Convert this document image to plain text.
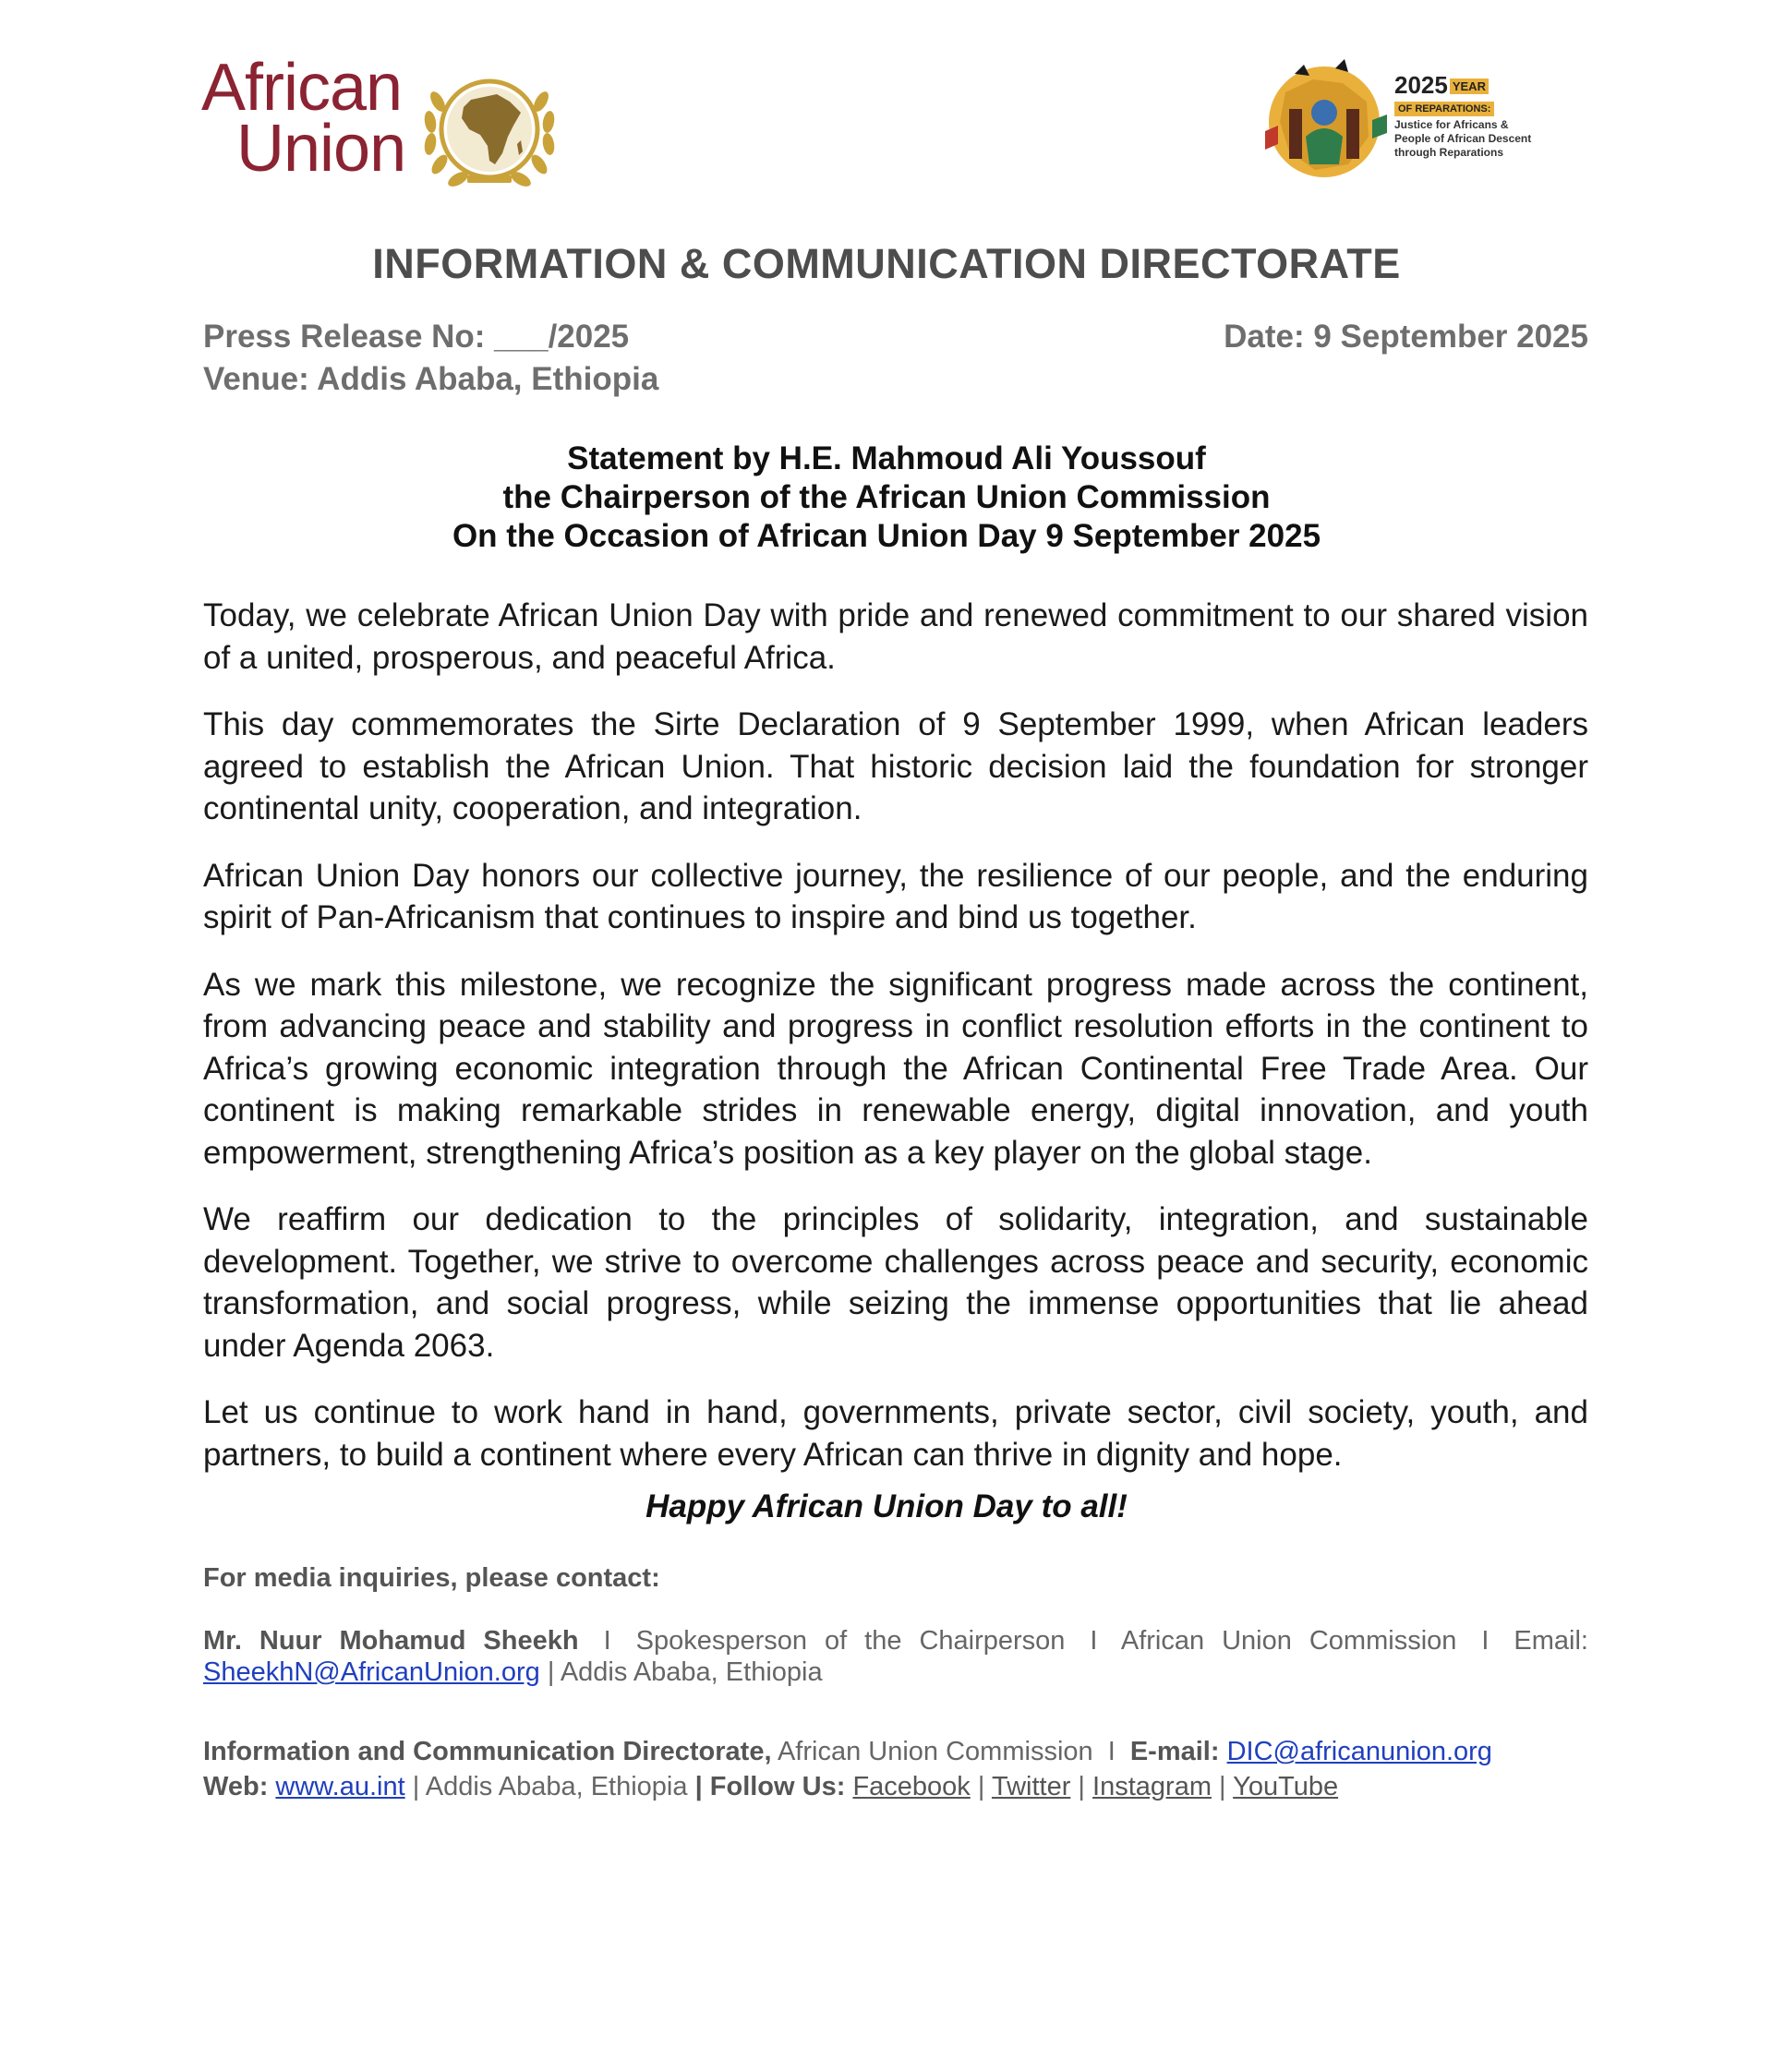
African
Union
2025 YEAR
OF REPARATIONS:
Justice for Africans &
People of African Descent
through Reparations
INFORMATION & COMMUNICATION DIRECTORATE
Press Release No: ___/2025	Date: 9 September 2025
Venue: Addis Ababa, Ethiopia
Statement by H.E. Mahmoud Ali Youssouf
the Chairperson of the African Union Commission
On the Occasion of African Union Day 9 September 2025

Today, we celebrate African Union Day with pride and renewed commitment to our shared vision of a united, prosperous, and peaceful Africa.

This day commemorates the Sirte Declaration of 9 September 1999, when African leaders agreed to establish the African Union. That historic decision laid the foundation for stronger continental unity, cooperation, and integration.

African Union Day honors our collective journey, the resilience of our people, and the enduring spirit of Pan-Africanism that continues to inspire and bind us together.

As we mark this milestone, we recognize the significant progress made across the continent, from advancing peace and stability and progress in conflict resolution efforts in the continent to Africa’s growing economic integration through the African Continental Free Trade Area. Our continent is making remarkable strides in renewable energy, digital innovation, and youth empowerment, strengthening Africa’s position as a key player on the global stage.

We reaffirm our dedication to the principles of solidarity, integration, and sustainable development. Together, we strive to overcome challenges across peace and security, economic transformation, and social progress, while seizing the immense opportunities that lie ahead under Agenda 2063.

Let us continue to work hand in hand, governments, private sector, civil society, youth, and partners, to build a continent where every African can thrive in dignity and hope.

Happy African Union Day to all!
For media inquiries, please contact:
Mr. Nuur Mohamud Sheekh I Spokesperson of the Chairperson I African Union Commission I Email: SheekhN@AfricanUnion.org | Addis Ababa, Ethiopia
Information and Communication Directorate, African Union Commission I E-mail: DIC@africanunion.org
Web: www.au.int | Addis Ababa, Ethiopia | Follow Us: Facebook | Twitter | Instagram | YouTube
